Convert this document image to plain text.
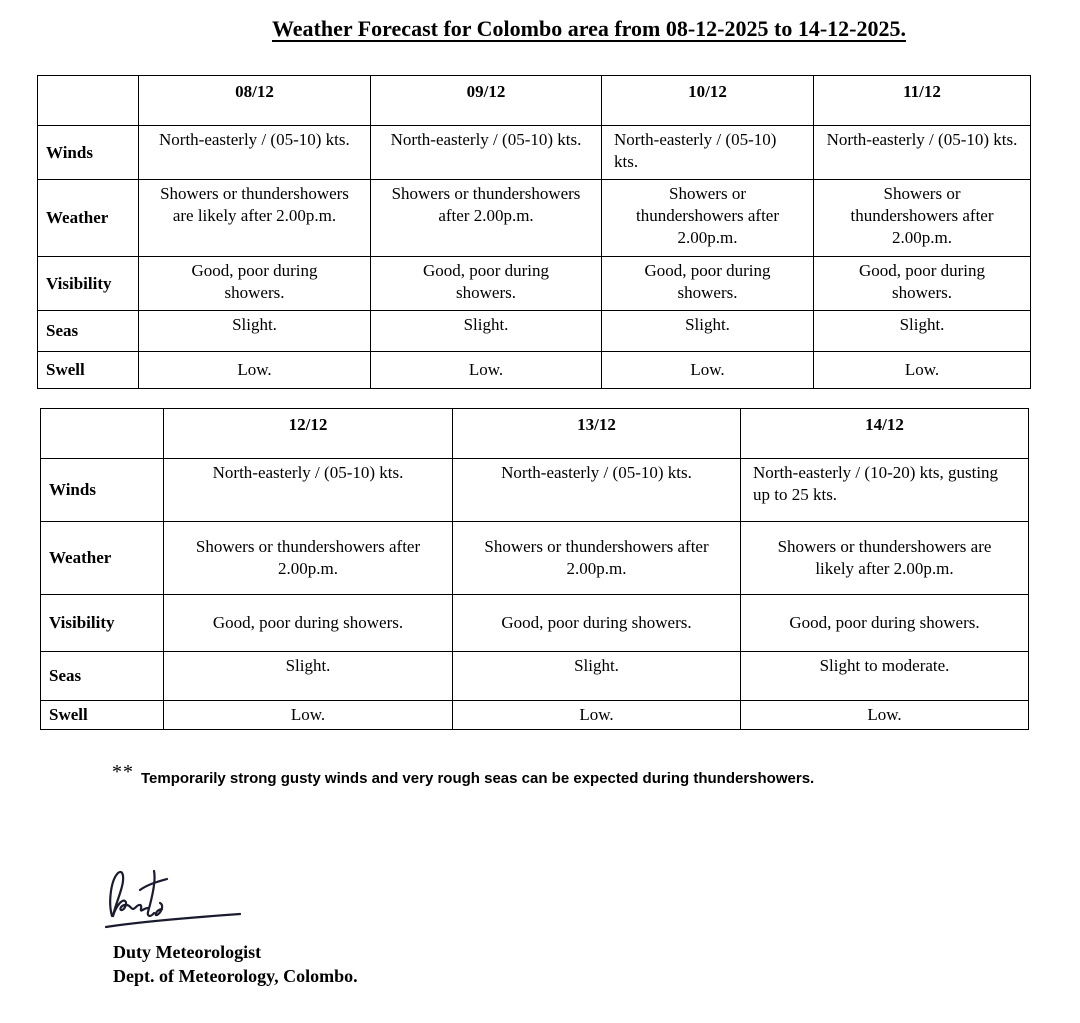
Weather Forecast for Colombo area from 08-12-2025 to 14-12-2025.
	08/12	09/12	10/12	11/12
Winds	North-easterly / (05-10) kts.	North-easterly / (05-10) kts.	North-easterly / (05-10) kts.	North-easterly / (05-10) kts.
Weather	Showers or thundershowers are likely after 2.00p.m.	Showers or thundershowers after 2.00p.m.	Showers or thundershowers after 2.00p.m.	Showers or thundershowers after 2.00p.m.
Visibility	Good, poor during showers.	Good, poor during showers.	Good, poor during showers.	Good, poor during showers.
Seas	Slight.	Slight.	Slight.	Slight.
Swell	Low.	Low.	Low.	Low.
	12/12	13/12	14/12
Winds	North-easterly / (05-10) kts.	North-easterly / (05-10) kts.	North-easterly / (10-20) kts, gusting up to 25 kts.
Weather	Showers or thundershowers after 2.00p.m.	Showers or thundershowers after 2.00p.m.	Showers or thundershowers are likely after 2.00p.m.
Visibility	Good, poor during showers.	Good, poor during showers.	Good, poor during showers.
Seas	Slight.	Slight.	Slight to moderate.
Swell	Low.	Low.	Low.
** Temporarily strong gusty winds and very rough seas can be expected during thundershowers.
Duty Meteorologist
Dept. of Meteorology, Colombo.
